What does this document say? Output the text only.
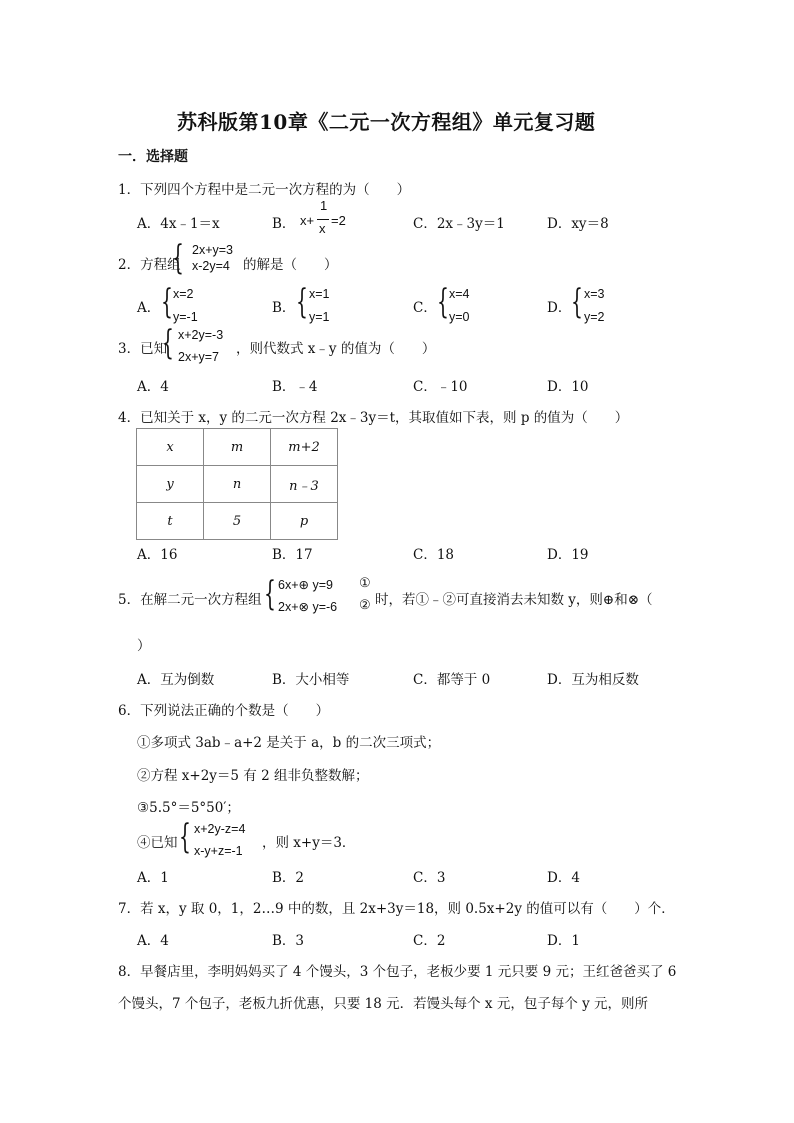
苏科版第10章《二元一次方程组》单元复习题
一．选择题
1．下列四个方程中是二元一次方程的为（　　）
A．4x﹣1＝x	B． x+
1
x
=2	C．2x﹣3y＝1	D．xy＝8
2．方程组
{ 2x+y=3
x-2y=4 的解是（　　）
A． { x=2
y=-1
B． { x=1
y=1
C． { x=4
y=0
D． { x=3
y=2
3．已知
{ x+2y=-3
2x+y=7 ，则代数式 x﹣y 的值为（　　）
A．4	B．﹣4	C．﹣10	D．10
4．已知关于 x，y 的二元一次方程 2x﹣3y＝t，其取值如下表，则 p 的值为（　　）
x	m	m+2
y	n	n﹣3
t	5	p
A．16	B．17	C．18	D．19
5．在解二元一次方程组 { 6x+⊕ y=9
2x+⊗ y=-6
①
② 时，若①﹣②可直接消去未知数 y，则⊕和⊗（
）
A．互为倒数	B．大小相等	C．都等于 0	D．互为相反数
6．下列说法正确的个数是（　　）
①多项式 3ab﹣a+2 是关于 a，b 的二次三项式；
②方程 x+2y＝5 有 2 组非负整数解；
③5.5°＝5°50′；
④已知 { x+2y-z=4
x-y+z=-1 ，则 x+y＝3．
A．1	B．2	C．3	D．4
7．若 x，y 取 0，1，2…9 中的数，且 2x+3y＝18，则 0.5x+2y 的值可以有（　　）个．
A．4	B．3	C．2	D．1
8．早餐店里，李明妈妈买了 4 个馒头，3 个包子，老板少要 1 元只要 9 元；王红爸爸买了 6
个馒头，7 个包子，老板九折优惠，只要 18 元．若馒头每个 x 元，包子每个 y 元，则所
